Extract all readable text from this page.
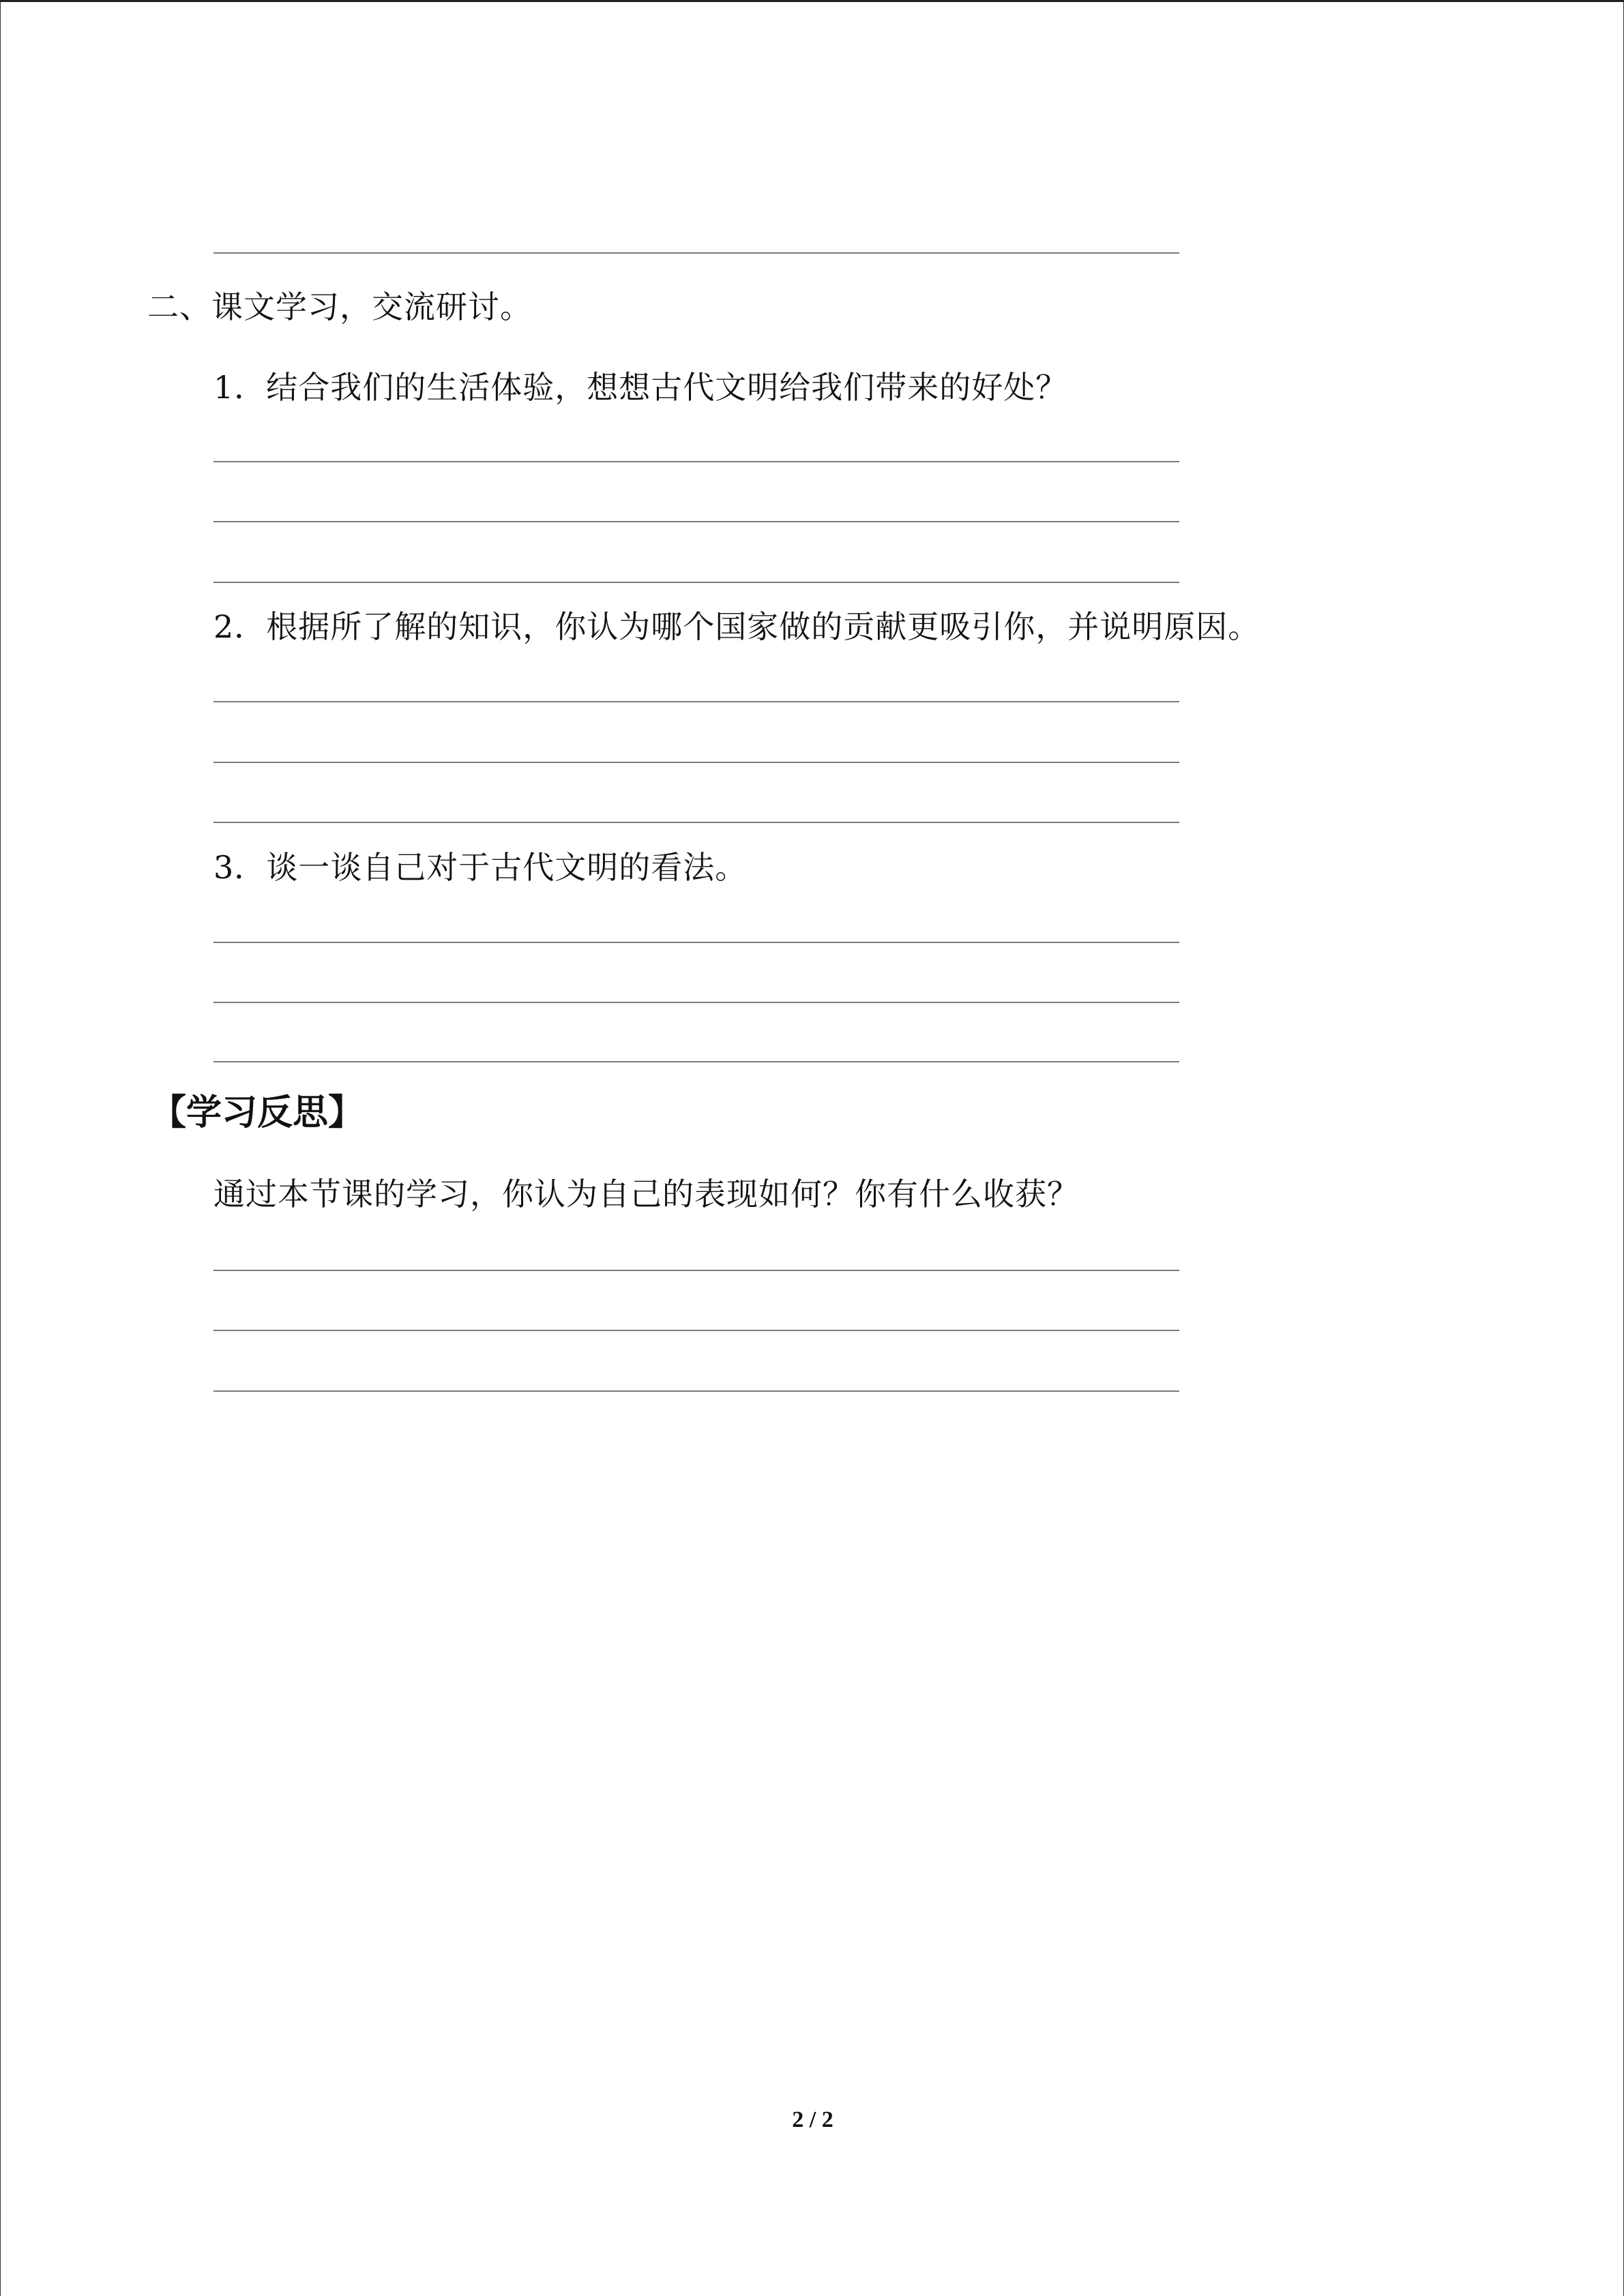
二、课文学习，交流研讨。
1．结合我们的生活体验，想想古代文明给我们带来的好处？
2．根据所了解的知识，你认为哪个国家做的贡献更吸引你，并说明原因。
3．谈一谈自己对于古代文明的看法。
【学习反思】
通过本节课的学习，你认为自己的表现如何？你有什么收获？
2 / 2
